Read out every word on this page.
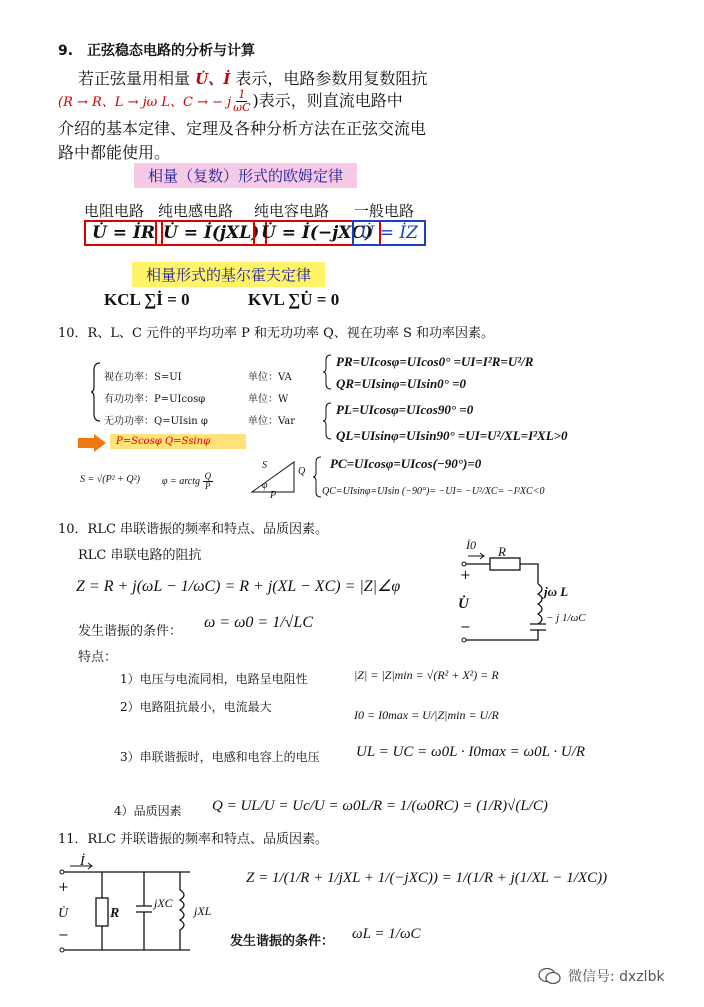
9.　正弦稳态电路的分析与计算
若正弦量用相量 U̇、İ 表示，电路参数用复数阻抗
(R → R、L → jω L、C → − j $\frac{1}{\omega C}$ )表示，则直流电路中
介绍的基本定律、定理及各种分析方法在正弦交流电
路中都能使用。
相量（复数）形式的欧姆定律
电阻电路 纯电感电路 纯电容电路 一般电路
U̇ = İR U̇ = İ(jXL) U̇ = İ(−jXC)
U̇ = İZ
相量形式的基尔霍夫定律
KCL ∑İ = 0	KVL ∑U̇ = 0
10．R、L、C 元件的平均功率 P 和无功功率 Q、视在功率 S 和功率因素。
视在功率：S=UI	单位：VA
有功功率：P=UIcosφ	单位：W
无功功率：Q=UIsin φ	单位：Var
P=Scosφ Q=Ssinφ
S = √(P² + Q²) φ = arctg $\frac{Q}{P}$
S
Q
P
φ
PR=UIcosφ=UIcos0° =UI=I²R=U²/R
QR=UIsinφ=UIsin0° =0
PL=UIcosφ=UIcos90° =0
QL=UIsinφ=UIsin90° =UI=U²/XL=I²XL>0
PC=UIcosφ=UIcos(−90°)=0
QC=UIsinφ=UIsin (−90°)= −UI= −U²/XC= −I²XC<0
10．RLC 串联谐振的频率和特点、品质因素。
RLC 串联电路的阻抗
Z = R + j(ωL − 1/ωC) = R + j(XL − XC) = |Z|∠φ
发生谐振的条件：
ω = ω0 = 1/√LC
特点：
1）电压与电流同相，电路呈电阻性	|Z| = |Z|min = √(R² + X²) = R
2）电路阻抗最小，电流最大
I0 = I0max = U/|Z|min = U/R
3）串联谐振时，电感和电容上的电压 UL = UC = ω0L · I0max = ω0L · U/R
4）品质因素 Q = UL/U = Uc/U = ω0L/R = 1/(ω0RC) = (1/R)√(L/C)
İ0 R
jω L
− j 1/ωC
+
U̇
−
11．RLC 并联谐振的频率和特点、品质因素。
İ
R
jXC
jXL
+
U̇
−
Z = 1/(1/R + 1/jXL + 1/(−jXC)) = 1/(1/R + j(1/XL − 1/XC))
发生谐振的条件： ωL = 1/ωC
微信号: dxzlbk
